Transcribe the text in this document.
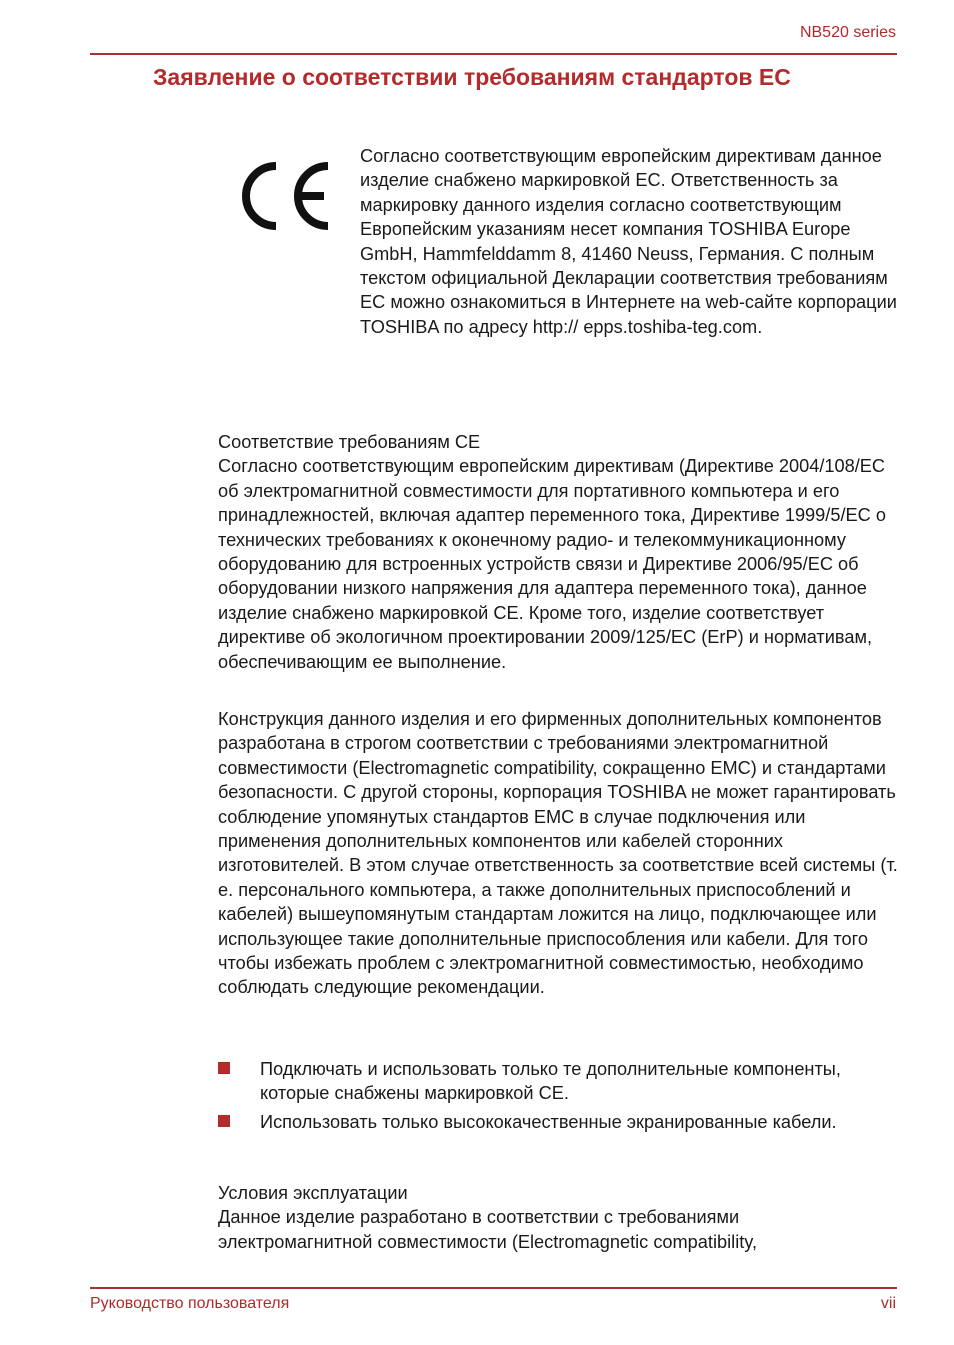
NB520 series
Заявление о соответствии требованиям стандартов ЕС

Согласно соответствующим европейским директивам данное изделие снабжено маркировкой ЕС. Ответственность за маркировку данного изделия согласно соответствующим Европейским указаниям несет компания TOSHIBA Europe GmbH, Hammfelddamm 8, 41460 Neuss, Германия. С полным текстом официальной Декларации соответствия требованиям ЕС можно ознакомиться в Интернете на web-сайте корпорации TOSHIBA по адресу http:// epps.toshiba-teg.com.

Соответствие требованиям CE
Согласно соответствующим европейским директивам (Директиве 2004/108/EC об электромагнитной совместимости для портативного компьютера и его принадлежностей, включая адаптер переменного тока, Директиве 1999/5/EC о технических требованиях к оконечному радио- и телекоммуникационному оборудованию для встроенных устройств связи и Директиве 2006/95/EC об оборудовании низкого напряжения для адаптера переменного тока), данное изделие снабжено маркировкой CE. Кроме того, изделие соответствует директиве об экологичном проектировании 2009/125/EC (ErP) и нормативам, обеспечивающим ее выполнение.

Конструкция данного изделия и его фирменных дополнительных компонентов разработана в строгом соответствии с требованиями электромагнитной совместимости (Electromagnetic compatibility, сокращенно EMC) и стандартами безопасности. С другой стороны, корпорация TOSHIBA не может гарантировать соблюдение упомянутых стандартов EMC в случае подключения или применения дополнительных компонентов или кабелей сторонних изготовителей. В этом случае ответственность за соответствие всей системы (т. е. персонального компьютера, а также дополнительных приспособлений и кабелей) вышеупомянутым стандартам ложится на лицо, подключающее или использующее такие дополнительные приспособления или кабели. Для того чтобы избежать проблем с электромагнитной совместимостью, необходимо соблюдать следующие рекомендации.

Подключать и использовать только те дополнительные компоненты, которые снабжены маркировкой CE.
Использовать только высококачественные экранированные кабели.
Условия эксплуатации
Данное изделие разработано в соответствии с требованиями электромагнитной совместимости (Electromagnetic compatibility,
Руководство пользователя	vii
